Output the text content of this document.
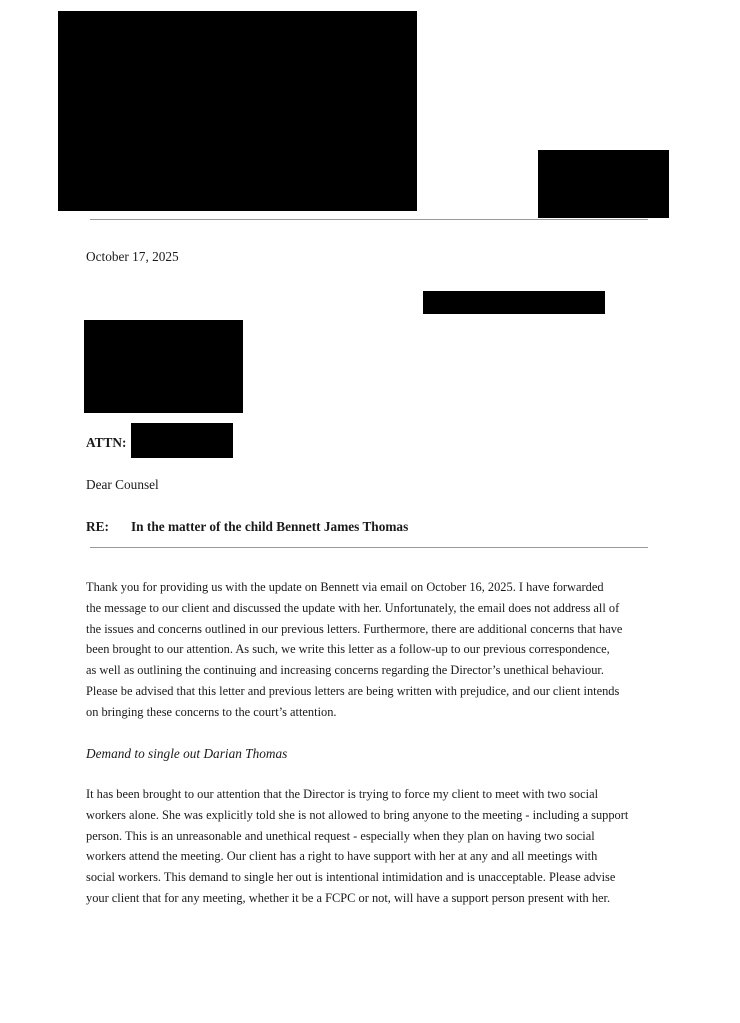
October 17, 2025
ATTN:
Dear Counsel
RE: In the matter of the child Bennett James Thomas
Thank you for providing us with the update on Bennett via email on October 16, 2025. I have forwarded
the message to our client and discussed the update with her. Unfortunately, the email does not address all of
the issues and concerns outlined in our previous letters. Furthermore, there are additional concerns that have
been brought to our attention. As such, we write this letter as a follow-up to our previous correspondence,
as well as outlining the continuing and increasing concerns regarding the Director’s unethical behaviour.
Please be advised that this letter and previous letters are being written with prejudice, and our client intends
on bringing these concerns to the court’s attention.
Demand to single out Darian Thomas
It has been brought to our attention that the Director is trying to force my client to meet with two social
workers alone. She was explicitly told she is not allowed to bring anyone to the meeting - including a support
person. This is an unreasonable and unethical request - especially when they plan on having two social
workers attend the meeting. Our client has a right to have support with her at any and all meetings with
social workers. This demand to single her out is intentional intimidation and is unacceptable. Please advise
your client that for any meeting, whether it be a FCPC or not, will have a support person present with her.
